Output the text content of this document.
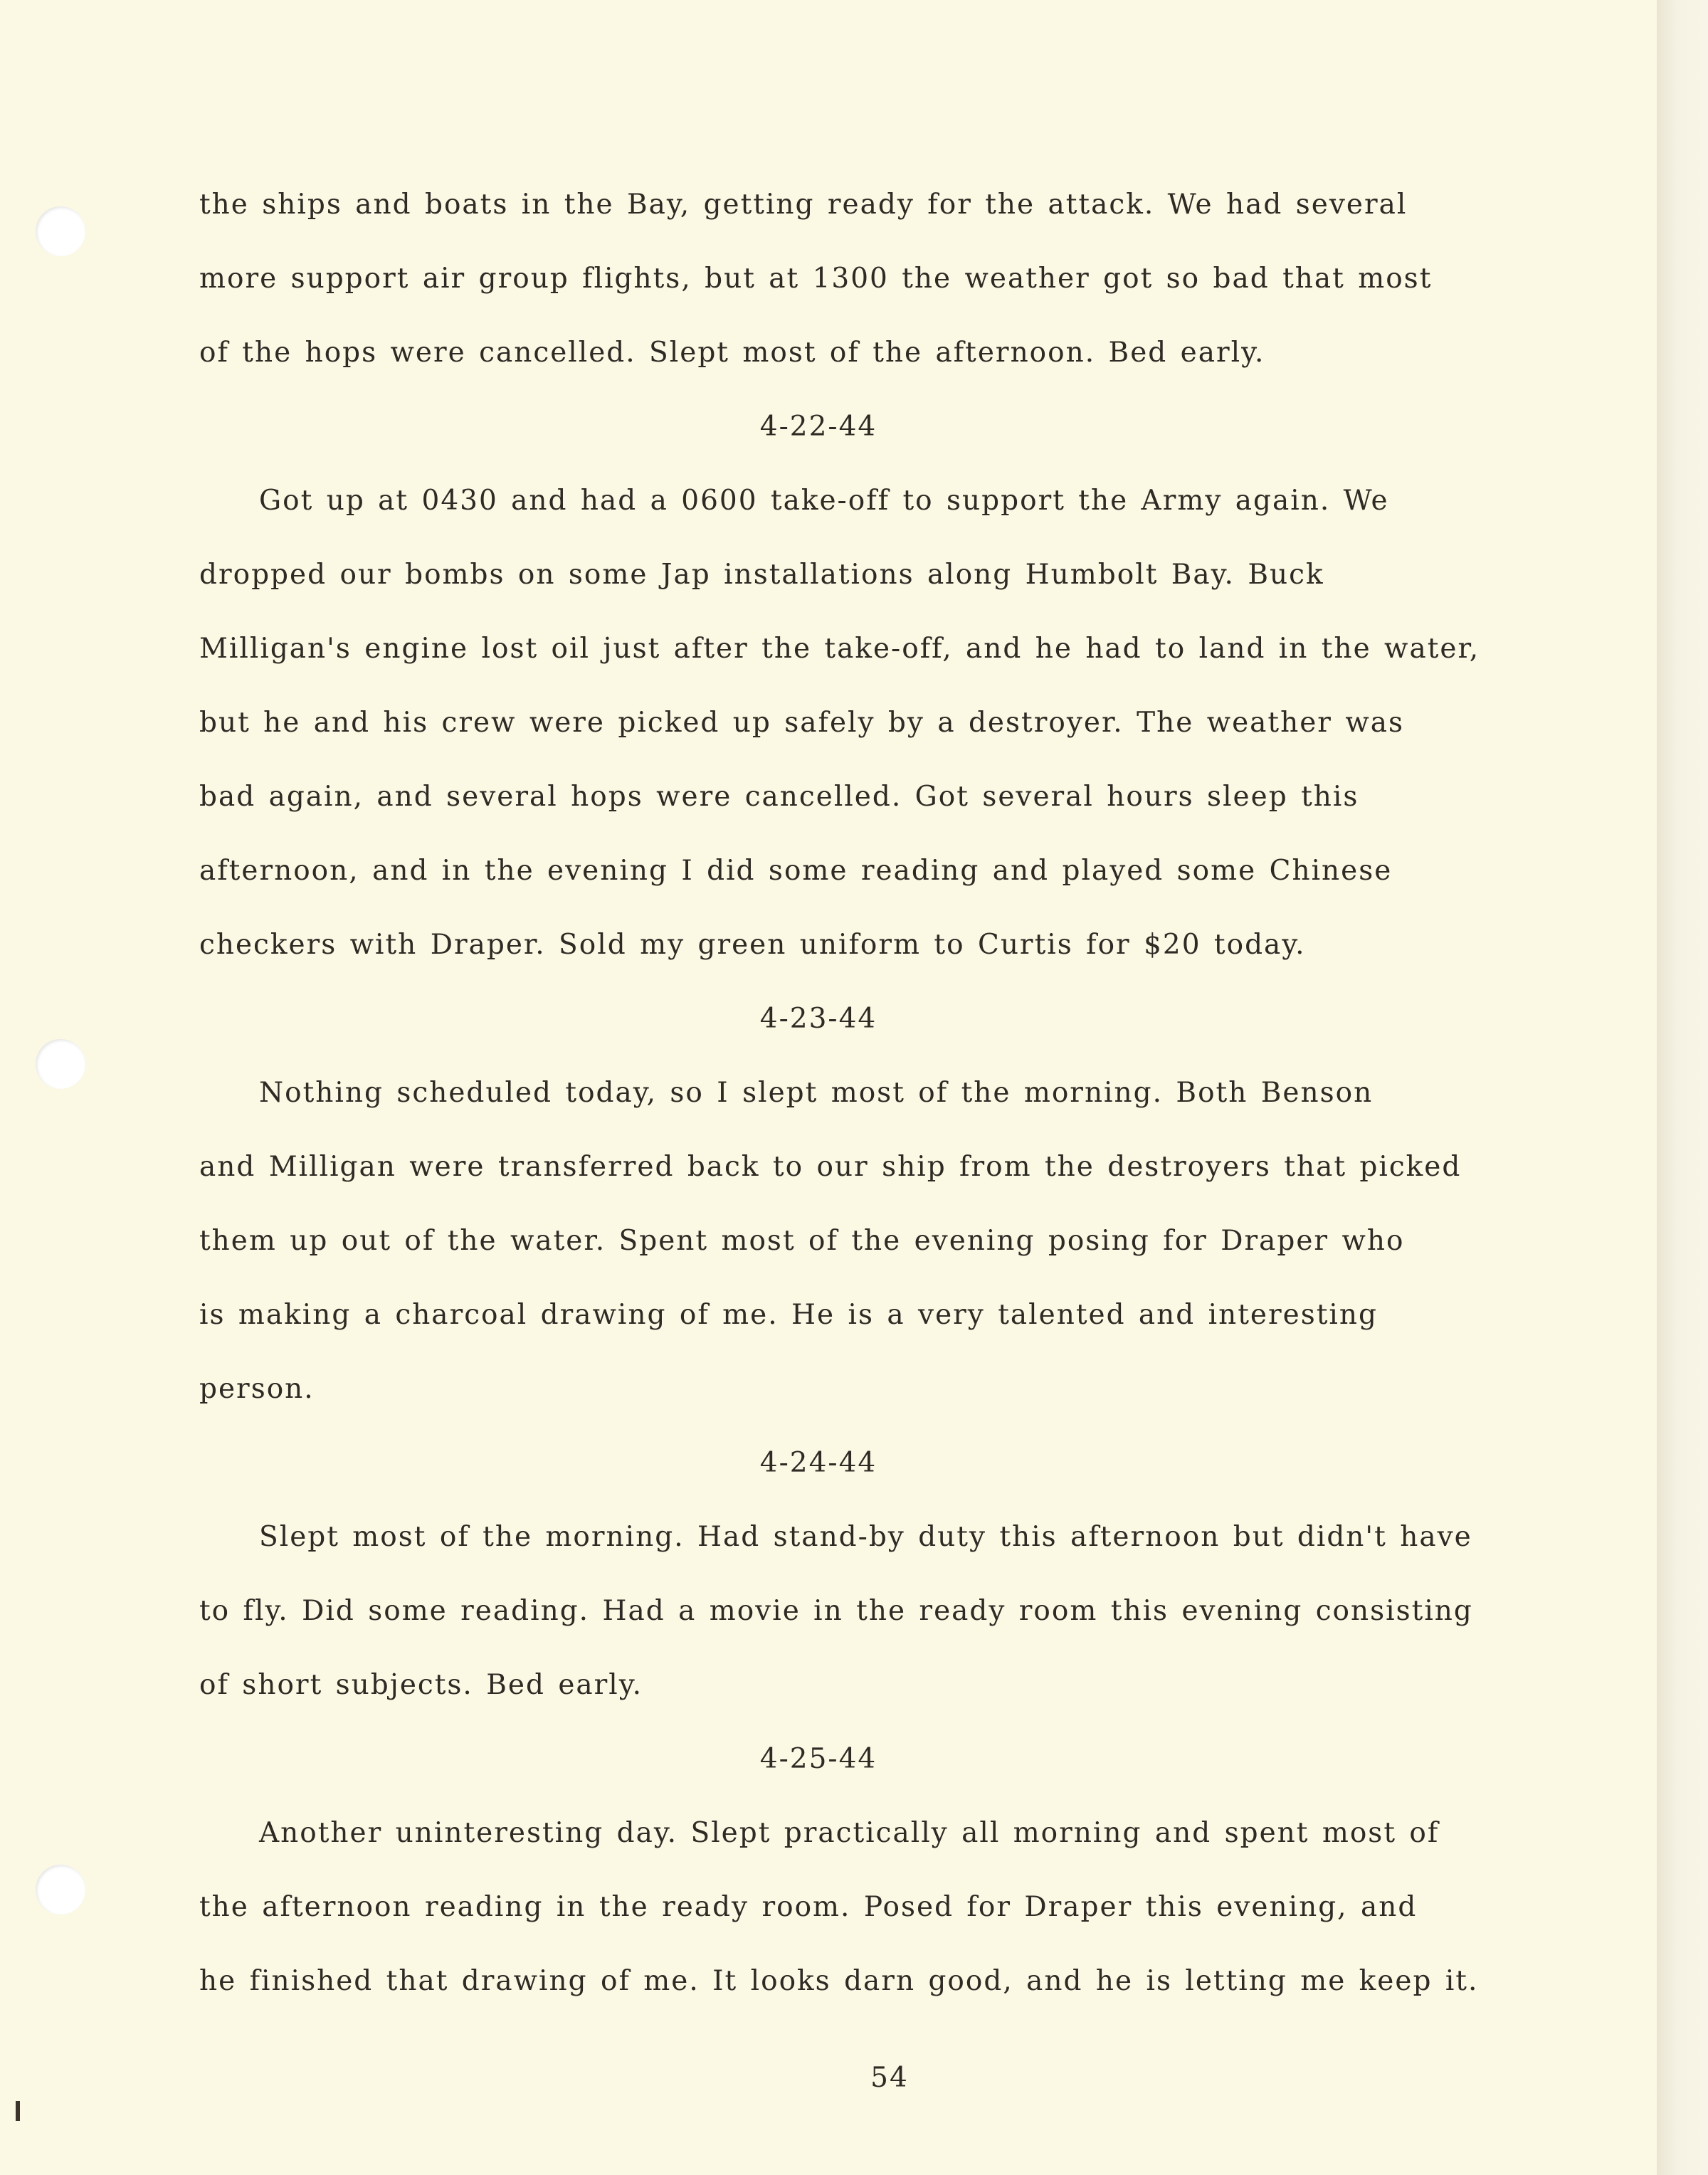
the ships and boats in the Bay, getting ready for the attack. We had several
more support air group flights, but at 1300 the weather got so bad that most
of the hops were cancelled. Slept most of the afternoon. Bed early.
4-22-44
Got up at 0430 and had a 0600 take-off to support the Army again. We
dropped our bombs on some Jap installations along Humbolt Bay. Buck
Milligan's engine lost oil just after the take-off, and he had to land in the water,
but he and his crew were picked up safely by a destroyer. The weather was
bad again, and several hops were cancelled. Got several hours sleep this
afternoon, and in the evening I did some reading and played some Chinese
checkers with Draper. Sold my green uniform to Curtis for $20 today.
4-23-44
Nothing scheduled today, so I slept most of the morning. Both Benson
and Milligan were transferred back to our ship from the destroyers that picked
them up out of the water. Spent most of the evening posing for Draper who
is making a charcoal drawing of me. He is a very talented and interesting
person.
4-24-44
Slept most of the morning. Had stand-by duty this afternoon but didn't have
to fly. Did some reading. Had a movie in the ready room this evening consisting
of short subjects. Bed early.
4-25-44
Another uninteresting day. Slept practically all morning and spent most of
the afternoon reading in the ready room. Posed for Draper this evening, and
he finished that drawing of me. It looks darn good, and he is letting me keep it.
54
